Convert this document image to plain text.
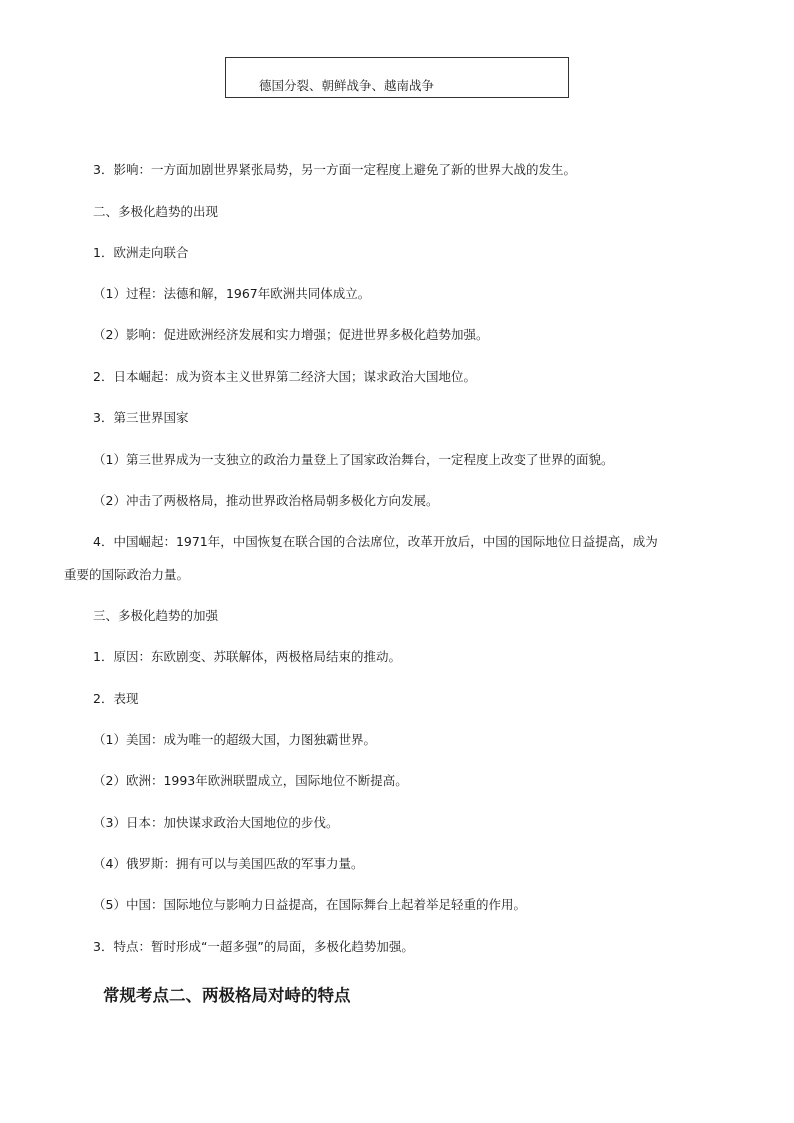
德国分裂、朝鲜战争、越南战争
3．影响：一方面加剧世界紧张局势，另一方面一定程度上避免了新的世界大战的发生。
二、多极化趋势的出现
1．欧洲走向联合
（1）过程：法德和解，1967年欧洲共同体成立。
（2）影响：促进欧洲经济发展和实力增强；促进世界多极化趋势加强。
2．日本崛起：成为资本主义世界第二经济大国；谋求政治大国地位。
3．第三世界国家
（1）第三世界成为一支独立的政治力量登上了国家政治舞台，一定程度上改变了世界的面貌。
（2）冲击了两极格局，推动世界政治格局朝多极化方向发展。
4．中国崛起：1971年，中国恢复在联合国的合法席位，改革开放后，中国的国际地位日益提高，成为
重要的国际政治力量。
三、多极化趋势的加强
1．原因：东欧剧变、苏联解体，两极格局结束的推动。
2．表现
（1）美国：成为唯一的超级大国，力图独霸世界。
（2）欧洲：1993年欧洲联盟成立，国际地位不断提高。
（3）日本：加快谋求政治大国地位的步伐。
（4）俄罗斯：拥有可以与美国匹敌的军事力量。
（5）中国：国际地位与影响力日益提高，在国际舞台上起着举足轻重的作用。
3．特点：暂时形成“一超多强”的局面，多极化趋势加强。
常规考点二、两极格局对峙的特点
